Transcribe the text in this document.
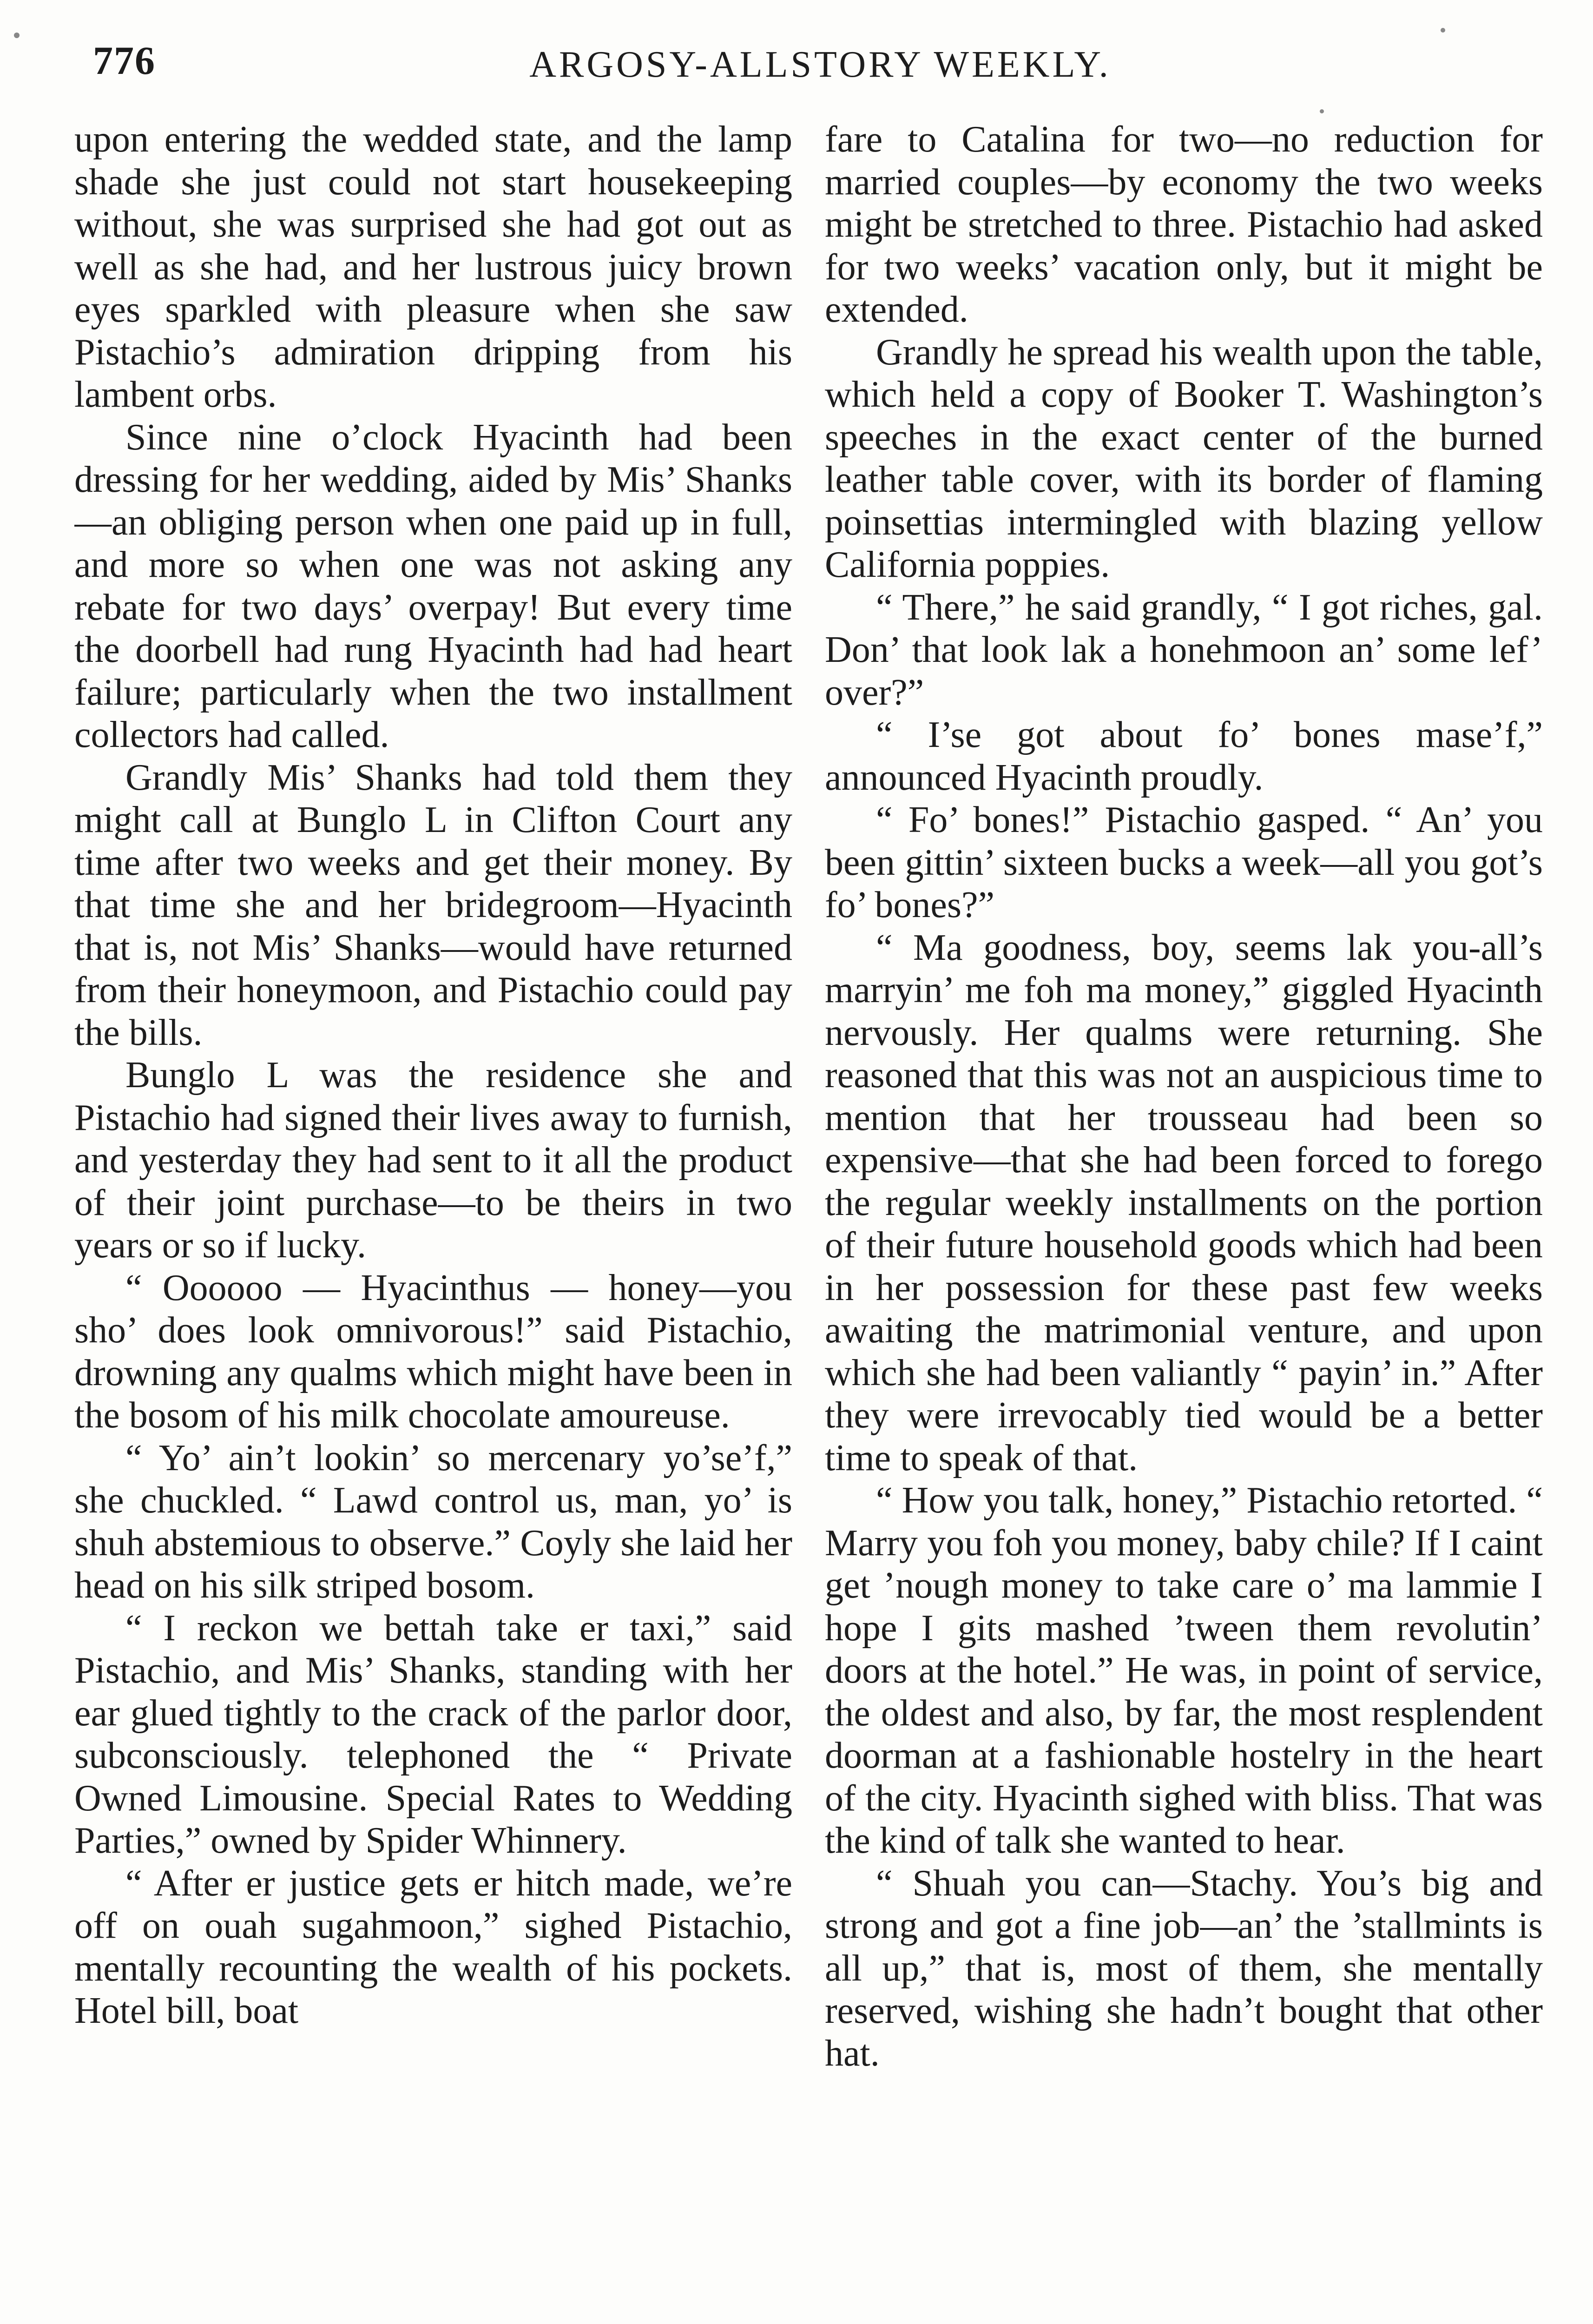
776	ARGOSY-ALLSTORY WEEKLY.

upon entering the wedded state, and the lamp shade she just could not start housekeeping without, she was surprised she had got out as well as she had, and her lustrous juicy brown eyes sparkled with pleasure when she saw Pistachio’s admiration dripping from his lambent orbs.

Since nine o’clock Hyacinth had been dressing for her wedding, aided by Mis’ Shanks—an obliging person when one paid up in full, and more so when one was not asking any rebate for two days’ overpay! But every time the doorbell had rung Hyacinth had had heart failure; particularly when the two installment collectors had called.

Grandly Mis’ Shanks had told them they might call at Bunglo L in Clifton Court any time after two weeks and get their money. By that time she and her bridegroom—Hyacinth that is, not Mis’ Shanks—would have returned from their honeymoon, and Pistachio could pay the bills.

Bunglo L was the residence she and Pistachio had signed their lives away to furnish, and yesterday they had sent to it all the product of their joint purchase—to be theirs in two years or so if lucky.

“ Oooooo — Hyacinthus — honey—you sho’ does look omnivorous!” said Pistachio, drowning any qualms which might have been in the bosom of his milk chocolate amoureuse.

“ Yo’ ain’t lookin’ so mercenary yo’se’f,” she chuckled. “ Lawd control us, man, yo’ is shuh abstemious to observe.” Coyly she laid her head on his silk striped bosom.

“ I reckon we bettah take er taxi,” said Pistachio, and Mis’ Shanks, standing with her ear glued tightly to the crack of the parlor door, subconsciously. telephoned the “ Private Owned Limousine. Special Rates to Wedding Parties,” owned by Spider Whinnery.

“ After er justice gets er hitch made, we’re off on ouah sugahmoon,” sighed Pistachio, mentally recounting the wealth of his pockets. Hotel bill, boat

fare to Catalina for two—no reduction for married couples—by economy the two weeks might be stretched to three. Pistachio had asked for two weeks’ vacation only, but it might be extended.

Grandly he spread his wealth upon the table, which held a copy of Booker T. Washington’s speeches in the exact center of the burned leather table cover, with its border of flaming poinsettias intermingled with blazing yellow California poppies.

“ There,” he said grandly, “ I got riches, gal. Don’ that look lak a honehmoon an’ some lef’ over?”

“ I’se got about fo’ bones mase’f,” announced Hyacinth proudly.

“ Fo’ bones!” Pistachio gasped. “ An’ you been gittin’ sixteen bucks a week—all you got’s fo’ bones?”

“ Ma goodness, boy, seems lak you-all’s marryin’ me foh ma money,” giggled Hyacinth nervously. Her qualms were returning. She reasoned that this was not an auspicious time to mention that her trousseau had been so expensive—that she had been forced to forego the regular weekly installments on the portion of their future household goods which had been in her possession for these past few weeks awaiting the matrimonial venture, and upon which she had been valiantly “ payin’ in.” After they were irrevocably tied would be a better time to speak of that.

“ How you talk, honey,” Pistachio retorted. “ Marry you foh you money, baby chile? If I caint get ’nough money to take care o’ ma lammie I hope I gits mashed ’tween them revolutin’ doors at the hotel.” He was, in point of service, the oldest and also, by far, the most resplendent doorman at a fashionable hostelry in the heart of the city. Hyacinth sighed with bliss. That was the kind of talk she wanted to hear.

“ Shuah you can—Stachy. You’s big and strong and got a fine job—an’ the ’stallmints is all up,” that is, most of them, she mentally reserved, wishing she hadn’t bought that other hat.
